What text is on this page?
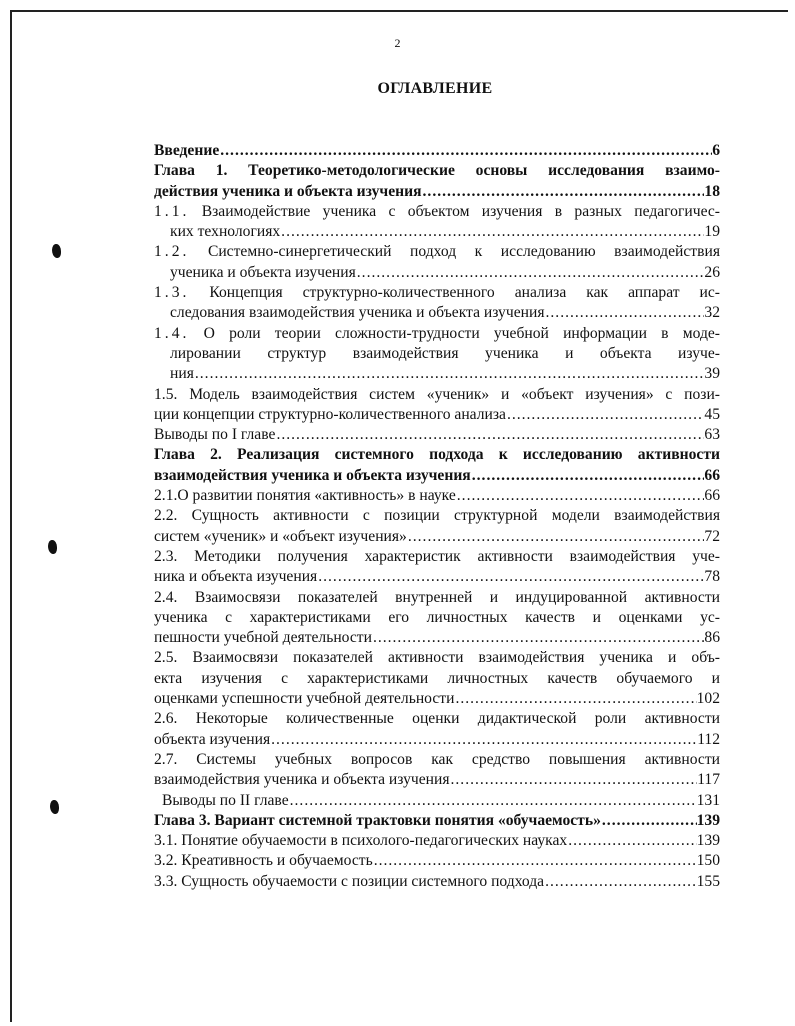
2
ОГЛАВЛЕНИЕ
Введение .....	6
Глава 1. Теоретико-методологические основы исследования взаимо-
действия ученика и объекта изучения .....	18
1.1. Взаимодействие ученика с объектом изучения в разных педагогичес-
ких технологиях .....	19
1.2. Системно-синергетический подход к исследованию взаимодействия
ученика и объекта изучения .....	26
1.3. Концепция структурно-количественного анализа как аппарат ис-
следования взаимодействия ученика и объекта изучения .....	32
1.4. О роли теории сложности-трудности учебной информации в моде-
лировании структур взаимодействия ученика и объекта изуче-
ния .....	39
1.5. Модель взаимодействия систем «ученик» и «объект изучения» с пози-
ции концепции структурно-количественного анализа .....	45
Выводы по I главе .....	63
Глава 2. Реализация системного подхода к исследованию активности
взаимодействия ученика и объекта изучения .....	66
2.1.О развитии понятия «активность» в науке .....	66
2.2. Сущность активности с позиции структурной модели взаимодействия
систем «ученик» и «объект изучения» .....	72
2.3. Методики получения характеристик активности взаимодействия уче-
ника и объекта изучения .....	78
2.4. Взаимосвязи показателей внутренней и индуцированной активности
ученика с характеристиками его личностных качеств и оценками ус-
пешности учебной деятельности .....	86
2.5. Взаимосвязи показателей активности взаимодействия ученика и объ-
екта изучения с характеристиками личностных качеств обучаемого и
оценками успешности учебной деятельности .....	102
2.6. Некоторые количественные оценки дидактической роли активности
объекта изучения .....	112
2.7. Системы учебных вопросов как средство повышения активности
взаимодействия ученика и объекта изучения .....	117
Выводы по II главе .....	131
Глава 3. Вариант системной трактовки понятия «обучаемость» .....	139
3.1. Понятие обучаемости в психолого-педагогических науках .....	139
3.2. Креативность и обучаемость .....	150
3.3. Сущность обучаемости с позиции системного подхода .....	155
